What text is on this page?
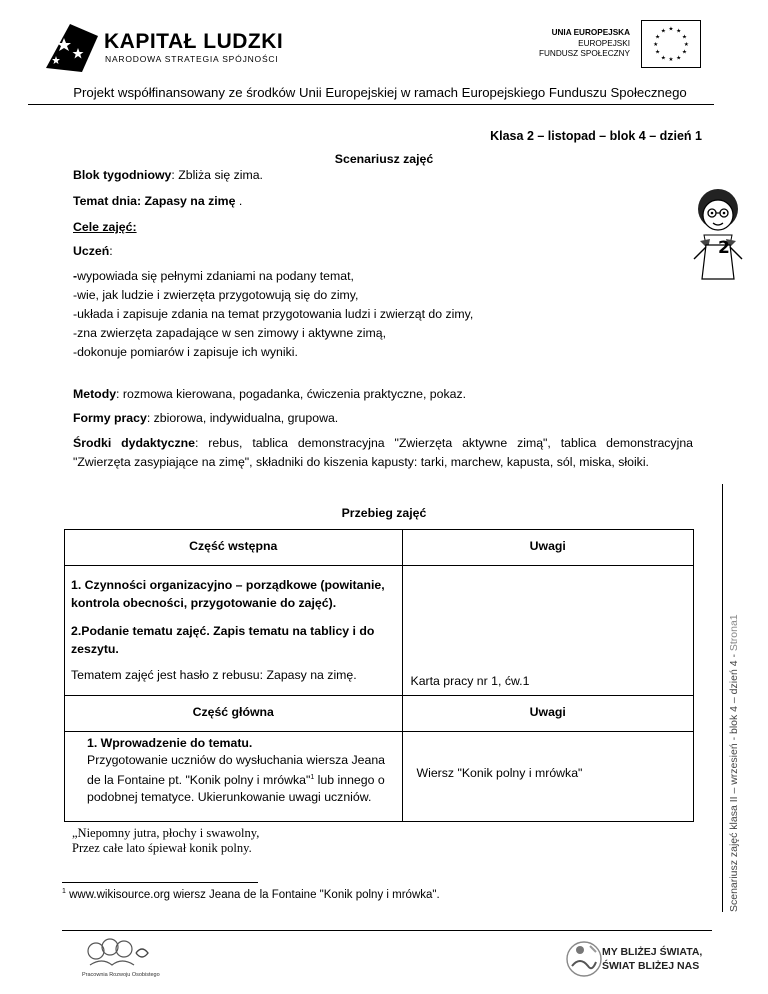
KAPITAŁ LUDZKI
NARODOWA STRATEGIA SPÓJNOŚCI
UNIA EUROPEJSKA
EUROPEJSKI
FUNDUSZ SPOŁECZNY
★ ★
★
★
★
★
★
★
★
★
★
★
Projekt współfinansowany ze środków Unii Europejskiej w ramach Europejskiego Funduszu Społecznego
Klasa 2 – listopad – blok 4 – dzień 1
Scenariusz zajęć
Blok tygodniowy: Zbliża się zima.
Temat dnia: Zapasy na zimę .
Cele zajęć:
Uczeń:
-wypowiada się pełnymi zdaniami na podany temat,
-wie, jak ludzie i zwierzęta przygotowują się do zimy,
-układa i zapisuje zdania na temat przygotowania ludzi i zwierząt do zimy,
-zna zwierzęta zapadające w sen zimowy i aktywne zimą,
-dokonuje pomiarów i zapisuje ich wyniki.
Metody: rozmowa kierowana, pogadanka, ćwiczenia praktyczne, pokaz.
Formy pracy: zbiorowa, indywidualna, grupowa.
Środki dydaktyczne: rebus, tablica demonstracyjna "Zwierzęta aktywne zimą", tablica demonstracyjna "Zwierzęta zasypiające na zimę", składniki do kiszenia kapusty: tarki, marchew, kapusta, sól, miska, słoiki.
2
Przebieg zajęć
Część wstępna	Uwagi

1. Czynności organizacyjno – porządkowe (powitanie, kontrola obecności, przygotowanie do zajęć).
2.Podanie tematu zajęć. Zapis tematu na tablicy i do zeszytu.
Tematem zajęć jest hasło z rebusu: Zapasy na zimę.	Karta pracy nr 1, ćw.1

Część główna	Uwagi

1. Wprowadzenie do tematu.
Przygotowanie uczniów do wysłuchania wiersza Jeana de la Fontaine pt. "Konik polny i mrówka"$^1$ lub innego o podobnej tematyce. Ukierunkowanie uwagi uczniów.	Wiersz "Konik polny i mrówka"
„Niepomny jutra, płochy i swawolny,
Przez całe lato śpiewał konik polny.
$^1$ www.wikisource.org wiersz Jeana de la Fontaine "Konik polny i mrówka".	Scenariusz zajęć klasa II – wrzesień - blok 4 – dzień 4 - Strona1
Pracownia Rozwoju Osobistego
MY BLIŻEJ ŚWIATA,
ŚWIAT BLIŻEJ NAS
